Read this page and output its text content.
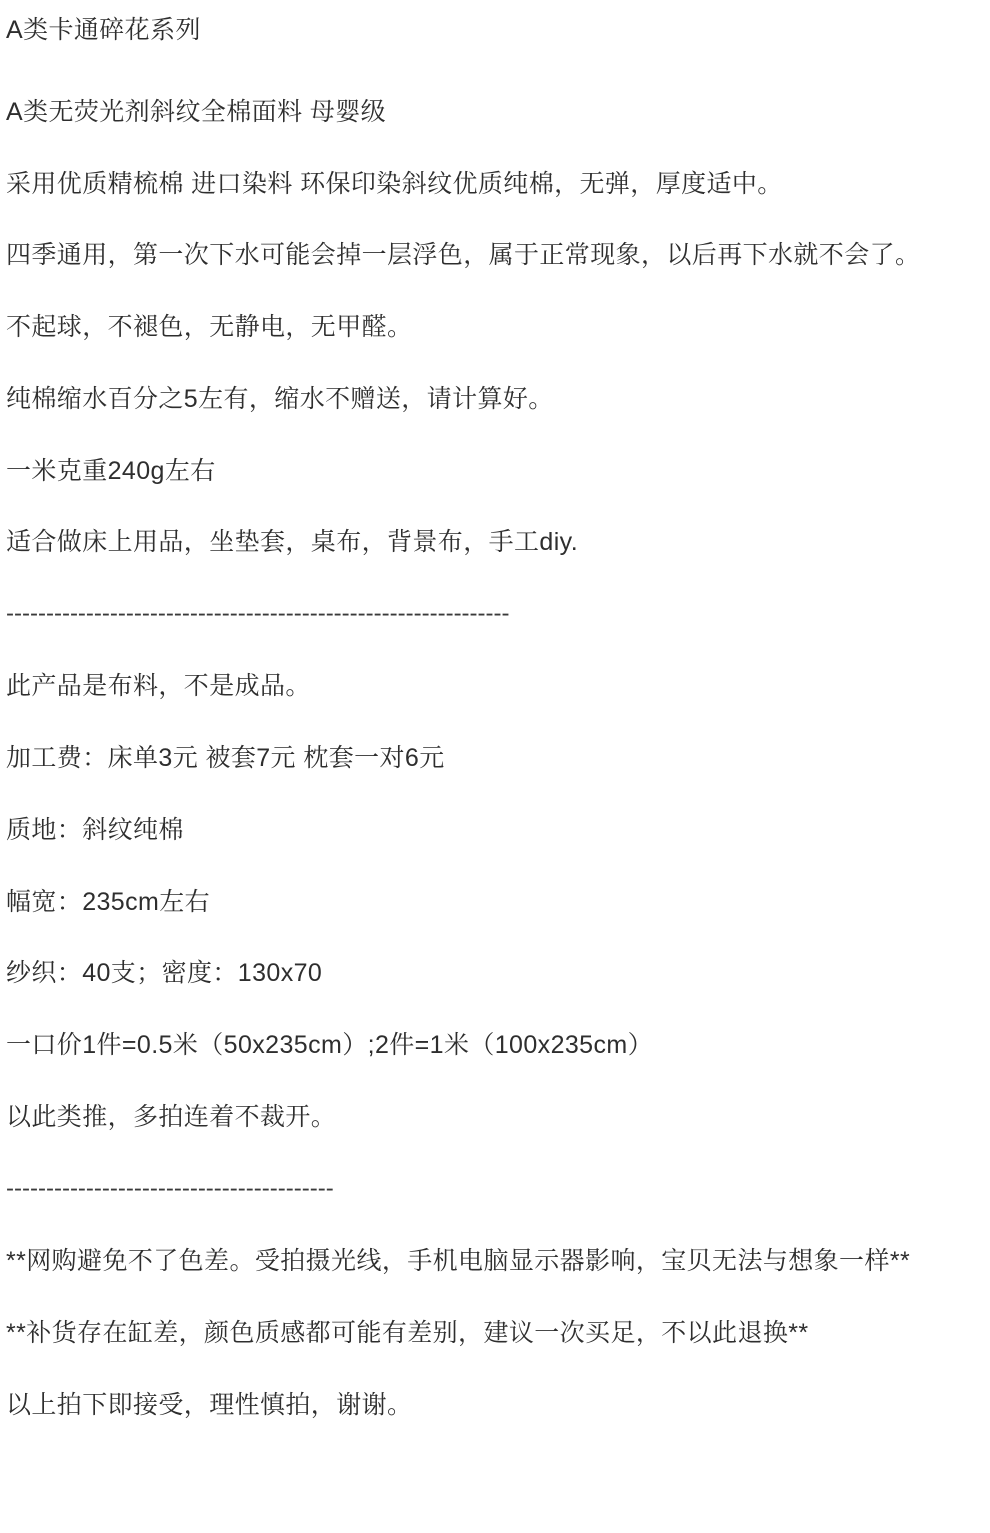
A类卡通碎花系列

A类无荧光剂斜纹全棉面料 母婴级

采用优质精梳棉 进口染料 环保印染斜纹优质纯棉，无弹，厚度适中。

四季通用，第一次下水可能会掉一层浮色，属于正常现象，以后再下水就不会了。

不起球，不褪色，无静电，无甲醛。

纯棉缩水百分之5左有，缩水不赠送，请计算好。

一米克重240g左右

适合做床上用品，坐垫套，桌布，背景布，手工diy.

---------------------------------------------------------------

此产品是布料，不是成品。

加工费：床单3元 被套7元 枕套一对6元

质地：斜纹纯棉

幅宽：235cm左右

纱织：40支；密度：130x70

一口价1件=0.5米（50x235cm）;2件=1米（100x235cm）

以此类推，多拍连着不裁开。

-----------------------------------------

**网购避免不了色差。受拍摄光线，手机电脑显示器影响，宝贝无法与想象一样**

**补货存在缸差，颜色质感都可能有差别，建议一次买足，不以此退换**

以上拍下即接受，理性慎拍，谢谢。
